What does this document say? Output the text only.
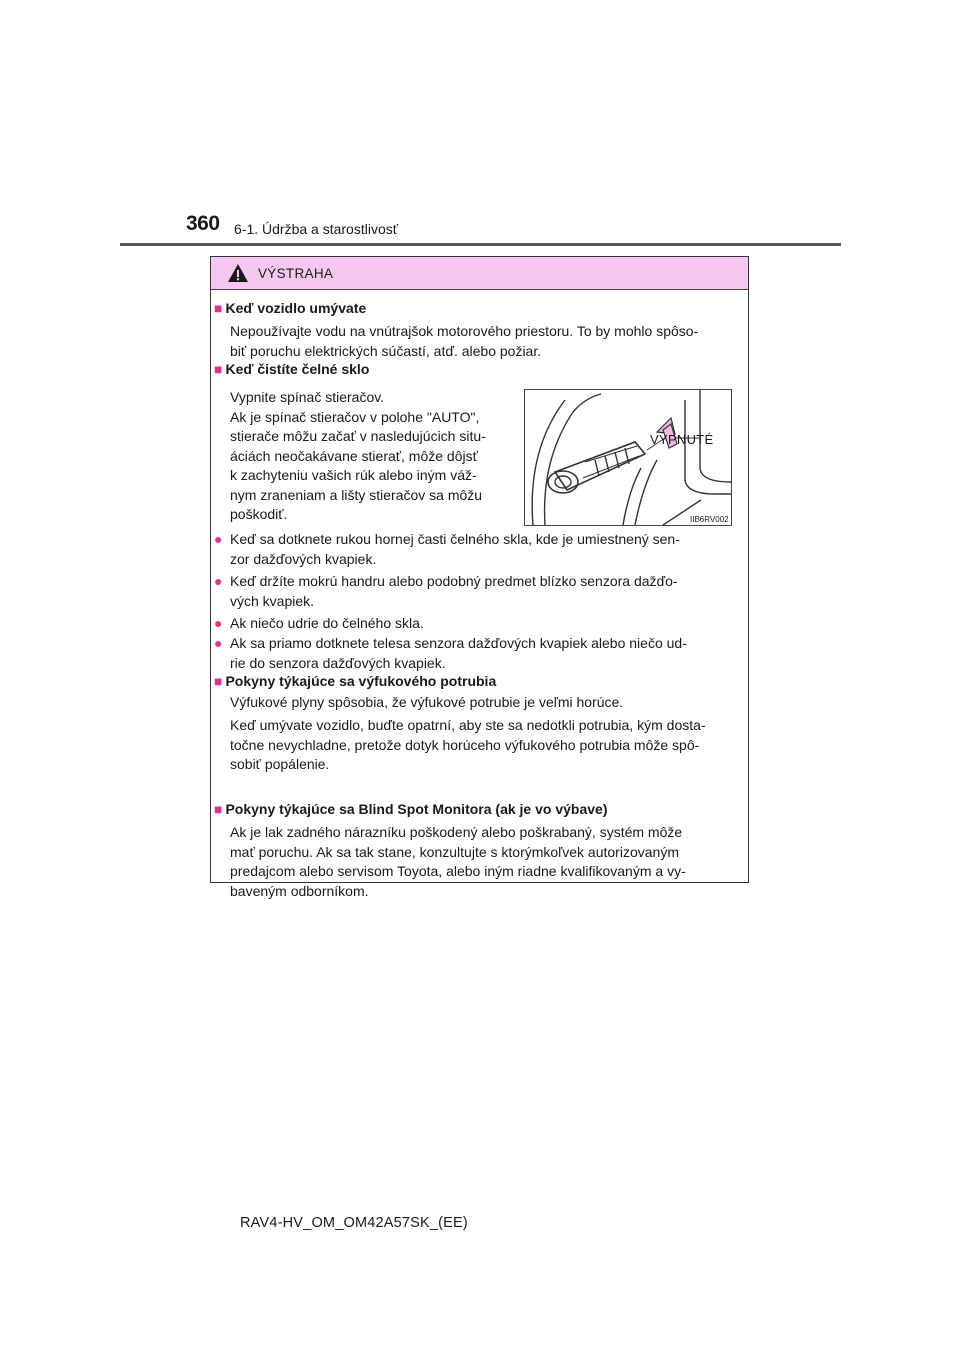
360 6-1. Údržba a starostlivosť
VÝSTRAHA
■ Keď vozidlo umývate
Nepoužívajte vodu na vnútrajšok motorového priestoru. To by mohlo spôso-
biť poruchu elektrických súčastí, atď. alebo požiar.
■ Keď čistíte čelné sklo
Vypnite spínač stieračov.
Ak je spínač stieračov v polohe "AUTO",
stierače môžu začať v nasledujúcich situ-
áciách neočakávane stierať, môže dôjsť
k zachyteniu vašich rúk alebo iným váž-
nym zraneniam a lišty stieračov sa môžu
poškodiť.
VYPNUTÉ
IIB6RV002
● Keď sa dotknete rukou hornej časti čelného skla, kde je umiestnený sen-
zor dažďových kvapiek.
● Keď držíte mokrú handru alebo podobný predmet blízko senzora dažďo-
vých kvapiek.
● Ak niečo udrie do čelného skla.
● Ak sa priamo dotknete telesa senzora dažďových kvapiek alebo niečo ud-
rie do senzora dažďových kvapiek.
■ Pokyny týkajúce sa výfukového potrubia
Výfukové plyny spôsobia, že výfukové potrubie je veľmi horúce.
Keď umývate vozidlo, buďte opatrní, aby ste sa nedotkli potrubia, kým dosta-
točne nevychladne, pretože dotyk horúceho výfukového potrubia môže spô-
sobiť popálenie.
■ Pokyny týkajúce sa Blind Spot Monitora (ak je vo výbave)
Ak je lak zadného nárazníku poškodený alebo poškrabaný, systém môže
mať poruchu. Ak sa tak stane, konzultujte s ktorýmkoľvek autorizovaným
predajcom alebo servisom Toyota, alebo iným riadne kvalifikovaným a vy-
baveným odborníkom.
RAV4-HV_OM_OM42A57SK_(EE)
